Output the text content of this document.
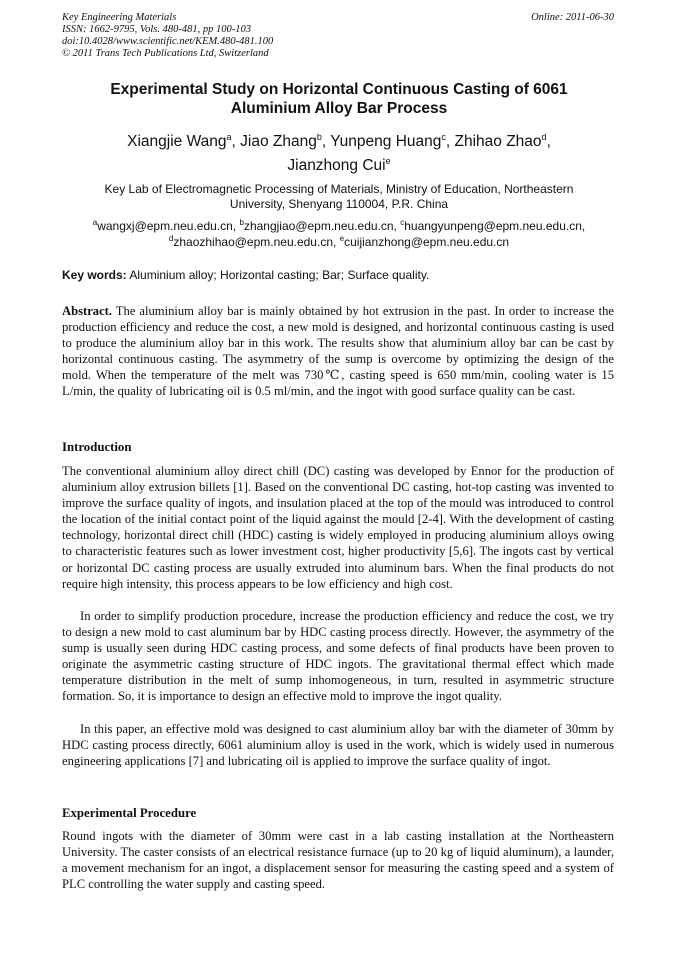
Key Engineering Materials
ISSN: 1662-9795, Vols. 480-481, pp 100-103
doi:10.4028/www.scientific.net/KEM.480-481.100
© 2011 Trans Tech Publications Ltd, Switzerland
Online: 2011-06-30
Experimental Study on Horizontal Continuous Casting of 6061
Aluminium Alloy Bar Process
Xiangjie Wang$^a$, Jiao Zhang$^b$, Yunpeng Huang$^c$, Zhihao Zhao$^d$,
Jianzhong Cui$^e$
Key Lab of Electromagnetic Processing of Materials, Ministry of Education, Northeastern
University, Shenyang 110004, P.R. China
$^a$wangxj@epm.neu.edu.cn, $^b$zhangjiao@epm.neu.edu.cn, $^c$huangyunpeng@epm.neu.edu.cn,
$^d$zhaozhihao@epm.neu.edu.cn, $^e$cuijianzhong@epm.neu.edu.cn
Key words: Aluminium alloy; Horizontal casting; Bar; Surface quality.
Abstract. The aluminium alloy bar is mainly obtained by hot extrusion in the past. In order to increase the production efficiency and reduce the cost, a new mold is designed, and horizontal continuous casting is used to produce the aluminium alloy bar in this work. The results show that aluminium alloy bar can be cast by horizontal continuous casting. The asymmetry of the sump is overcome by optimizing the design of the mold. When the temperature of the melt was 730℃, casting speed is 650 mm/min, cooling water is 15 L/min, the quality of lubricating oil is 0.5 ml/min, and the ingot with good surface quality can be cast.
Introduction
The conventional aluminium alloy direct chill (DC) casting was developed by Ennor for the production of aluminium alloy extrusion billets [1]. Based on the conventional DC casting, hot-top casting was invented to improve the surface quality of ingots, and insulation placed at the top of the mould was introduced to control the location of the initial contact point of the liquid against the mould [2-4]. With the development of casting technology, horizontal direct chill (HDC) casting is widely employed in producing aluminium alloys owing to characteristic features such as lower investment cost, higher productivity [5,6]. The ingots cast by vertical or horizontal DC casting process are usually extruded into aluminum bars. When the final products do not require high intensity, this process appears to be low efficiency and high cost.
In order to simplify production procedure, increase the production efficiency and reduce the cost, we try to design a new mold to cast aluminum bar by HDC casting process directly. However, the asymmetry of the sump is usually seen during HDC casting process, and some defects of final products have been proven to originate the asymmetric casting structure of HDC ingots. The gravitational thermal effect which made temperature distribution in the melt of sump inhomogeneous, in turn, resulted in asymmetric structure formation. So, it is importance to design an effective mold to improve the ingot quality.
In this paper, an effective mold was designed to cast aluminium alloy bar with the diameter of 30mm by HDC casting process directly, 6061 aluminium alloy is used in the work, which is widely used in numerous engineering applications [7] and lubricating oil is applied to improve the surface quality of ingot.
Experimental Procedure
Round ingots with the diameter of 30mm were cast in a lab casting installation at the Northeastern University. The caster consists of an electrical resistance furnace (up to 20 kg of liquid aluminum), a launder, a movement mechanism for an ingot, a displacement sensor for measuring the casting speed and a system of PLC controlling the water supply and casting speed.
